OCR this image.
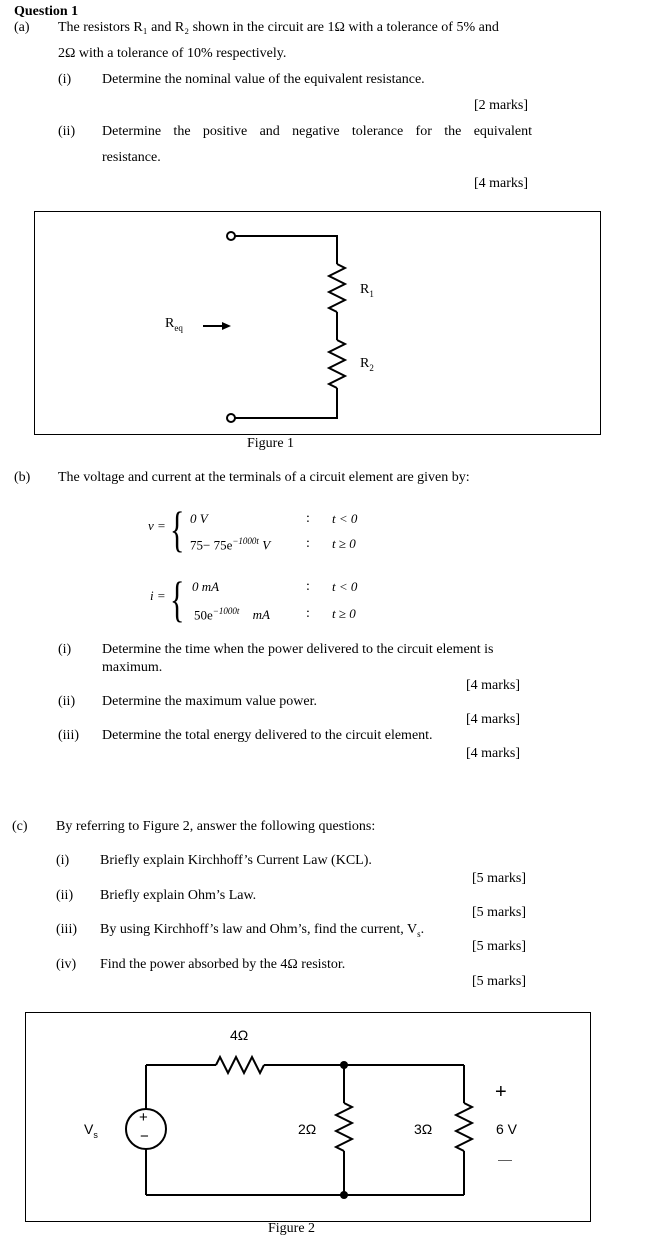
Question 1
(a) The resistors R₁ and R₂ shown in the circuit are 1Ω with a tolerance of 5% and
2Ω with a tolerance of 10% respectively.
(i) Determine the nominal value of the equivalent resistance.
[2 marks]
(ii) Determine the positive and negative tolerance for the equivalent
resistance.
[4 marks]
$R_{eq}$
$R_1$
$R_2$
Figure 1
(b) The voltage and current at the terminals of a circuit element are given by:
v = { 0 V
$75- 75e^{-1000t}$ V
:
:
t < 0
t ≥ 0
i = { 0 mA
$50e^{-1000t}$ mA
:
:
t < 0
t ≥ 0
(i) Determine the time when the power delivered to the circuit element is
maximum.
[4 marks]
(ii) Determine the maximum value power.
[4 marks]
(iii) Determine the total energy delivered to the circuit element.
[4 marks]
(c) By referring to Figure 2, answer the following questions:
(i) Briefly explain Kirchhoff’s Current Law (KCL).
[5 marks]
(ii) Briefly explain Ohm’s Law.
[5 marks]
(iii) By using Kirchhoff’s law and Ohm’s, find the current, $V_s$.
[5 marks]
(iv) Find the power absorbed by the 4Ω resistor.
[5 marks]
4Ω
2Ω	3Ω
$V_s$
+
−
+
6 V
—
Figure 2
